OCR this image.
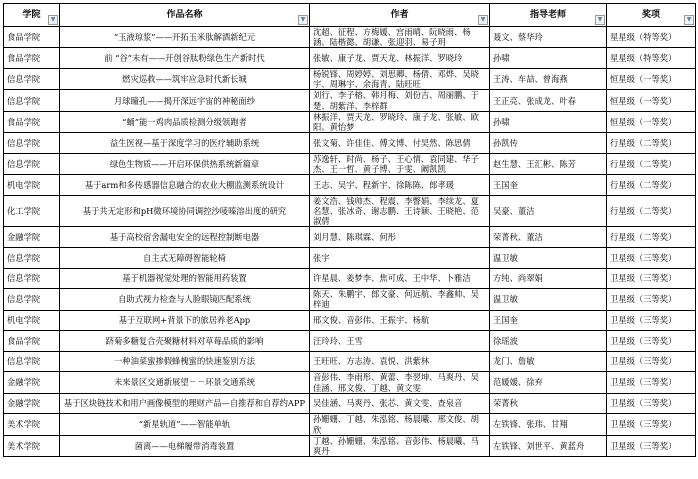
学院 ▼	作品名称 ▼	作者 ▼	指导老师 ▼	奖项 ▼

食品学院	“玉液琼浆”——开拓玉米肽解酒新纪元	沈超、征程、方梅媛、宫雨晴、阮晓雨、杨涵、陆楷懿、胡谦、张迎羽、易子玥	聂文、蔡华玲	星星级（特等奖）
食品学院	前 “谷”未有——开创谷肽粉绿色生产新时代	张敏、康子龙、贾天龙、林振洋、罗晓玲	孙啸	星星级（特等奖）
信息学院	燃灾巡救——筑牢应急时代新长城	杨锐锋、周婷婷、刘思卿、杨倩、邓烨、吴晓宇、周琳宇、余海青、陆旺旺	王涛、车喆、曾海燕	恒星级（一等奖）
信息学院	月球瞳孔——揭开深远宇宙的神秘面纱	刘行、李子榕、韩月梅、刘份吉、周丽鹏、于楚、胡紫洋、李梓群	王正亮、张成龙、叶春	恒星级（一等奖）
食品学院	“蛹”能一鸡肉品质检测分级领跑者	林振洋、贾天龙、罗晓玲、康子龙、张敏、欧阳、黄怡梦	孙啸	恒星级（一等奖）
信息学院	益生医视—基于深度学习的医疗辅助系统	张文菊、许佳佳、傅文博、付昊然、陈思倩	孙凯传	行星级（二等奖）
信息学院	绿色生物质——开启环保供热系统新篇章	苏逸轩、时尚、杨子、王心情、袁同建、华子杰、王一哲、黄子博、于雯、阚凯凯	赵生慧、王汇彬、陈芳	行星级（二等奖）
机电学院	基于arm和多传感器信息融合的农业大棚监测系统设计	王志、吴宇、程新宇、徐陈陈、郎孝瑗	王国奎	行星级（二等奖）
化工学院	基于共无定形和pH微环境协同调控沙唛嗪溶出度的研究	姜文浩、钱帅杰、程震、李瞥娟、李续龙、夏名慧、张冰奇、谢志鹏、王诗颖、王晓艳、范淑倩	吴豪、董洁	行星级（二等奖）
金融学院	基于高校宿舍漏电安全的远程控制断电器	刘月慧、陈琪霖、何彤	荣菁秋、董洁	行星级（二等奖）
信息学院	自主式无障碍智能轮椅	张宇	温卫敏	卫星级（三等奖）
信息学院	基于机器视觉处理的智能用药装置	许星晨、姜梦李、焦可成、王中华、卜雅洁	方纯、尚翠娟	卫星级（三等奖）
信息学院	自助式视力检查与人脸眼镜匹配系统	陈天、朱鹏宇、郎文豪、何远航、李鑫帅、吴梓迪	温卫敏	卫星级（三等奖）
机电学院	基于互联网+背景下的旅居养老App	邢文俊、音彭伟、王振宇、杨航	王国奎	卫星级（三等奖）
食品学院	跻菊多糖复合壳聚糖材料对草莓品质的影响	汪玲玲、王雪	徐瑶波	卫星级（三等奖）
信息学院	一种油菜蜜掺假蜂槐蜜的快速鉴别方法	王旺旺、方志涛、袁悦、洪紫林	龙门、詹敏	卫星级（三等奖）
金融学院	未来景区交通新展望－－环景交通系统	音彭伟、李雨彤、黄蕾、李翌坤、马爽丹、吴佳涵、邢文俊、丁越、黄文雯	范媛媛、徐弃	卫星级（三等奖）
金融学院	基于区块链技术和用户画像模型的理财产品—自推荐和自荐约APP	吴佳涵、马爽丹、张芯、黄文雯、查泉音	荣菁秋	卫星级（三等奖）
美术学院	“新星轨道”——智能单轨	孙姗姗、丁越、朱泓铭、杨晨曦、邢文俊、胡欣	左铁锋、张玮、甘翔	卫星级（三等奖）
美术学院	菌离——电梯履带消毒装置	丁越、孙姗姗、朱泓铭、音彭伟、杨晨曦、马爽丹	左铁锋、刘世平、黄蓝舟	卫星级（三等奖）
